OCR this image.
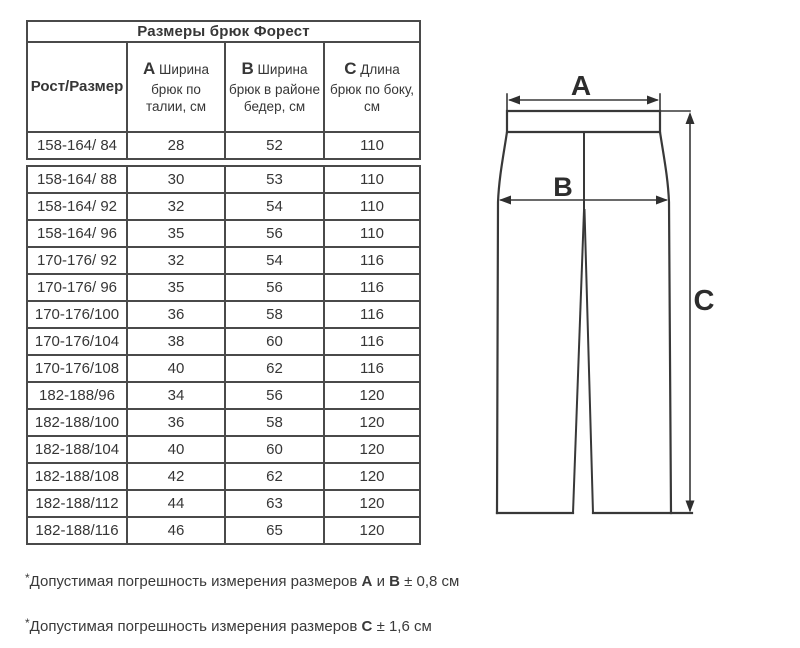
Размеры брюк Форест			
Рост/Размер	A Ширина брюк по талии, см	B Ширина брюк в районе бедер, см	C Длина брюк по боку, см
158-164/ 84	28	52	110
158-164/ 88	30	53	110
158-164/ 92	32	54	110
158-164/ 96	35	56	110
170-176/ 92	32	54	116
170-176/ 96	35	56	116
170-176/100	36	58	116
170-176/104	38	60	116
170-176/108	40	62	116
182-188/96	34	56	120
182-188/100	36	58	120
182-188/104	40	60	120
182-188/108	42	62	120
182-188/112	44	63	120
182-188/116	46	65	120
*Допустимая погрешность измерения размеров A и B ± 0,8 см
*Допустимая погрешность измерения размеров C ± 1,6 см
A
B
C
